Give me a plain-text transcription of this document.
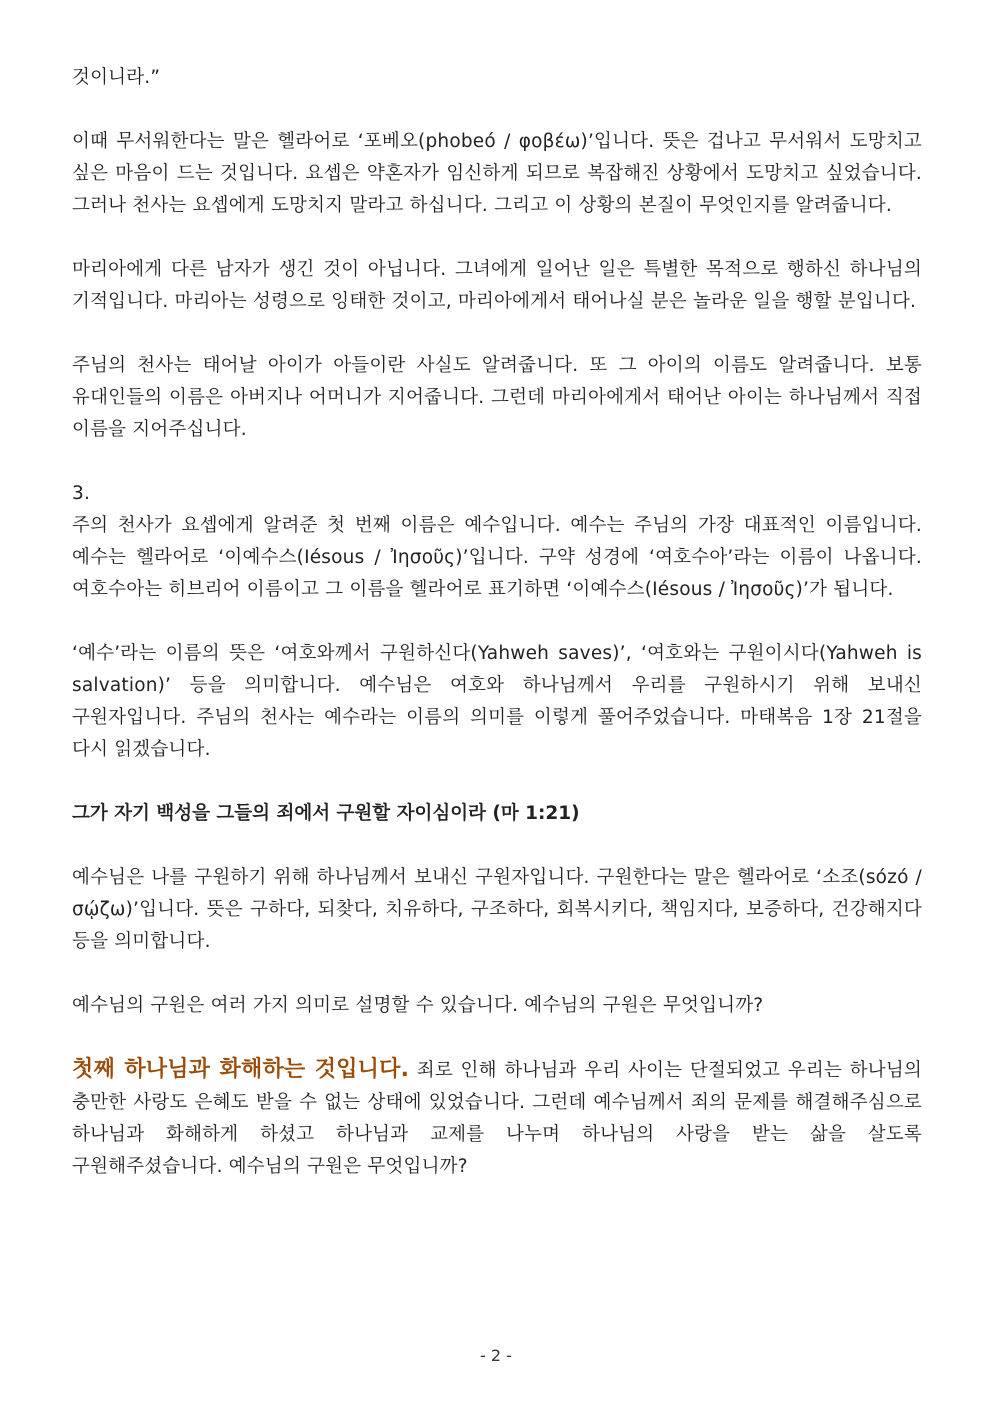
것이니라.”

이때 무서워한다는 말은 헬라어로 ‘포베오(phobeó / φοβέω)’입니다. 뜻은 겁나고 무서워서 도망치고 싶은 마음이 드는 것입니다. 요셉은 약혼자가 임신하게 되므로 복잡해진 상황에서 도망치고 싶었습니다. 그러나 천사는 요셉에게 도망치지 말라고 하십니다. 그리고 이 상황의 본질이 무엇인지를 알려줍니다.

마리아에게 다른 남자가 생긴 것이 아닙니다. 그녀에게 일어난 일은 특별한 목적으로 행하신 하나님의 기적입니다. 마리아는 성령으로 잉태한 것이고, 마리아에게서 태어나실 분은 놀라운 일을 행할 분입니다.

주님의 천사는 태어날 아이가 아들이란 사실도 알려줍니다. 또 그 아이의 이름도 알려줍니다. 보통 유대인들의 이름은 아버지나 어머니가 지어줍니다. 그런데 마리아에게서 태어난 아이는 하나님께서 직접 이름을 지어주십니다.

3.

주의 천사가 요셉에게 알려준 첫 번째 이름은 예수입니다. 예수는 주님의 가장 대표적인 이름입니다. 예수는 헬라어로 ‘이예수스(Iésous / Ἰησοῦς)’입니다. 구약 성경에 ‘여호수아’라는 이름이 나옵니다. 여호수아는 히브리어 이름이고 그 이름을 헬라어로 표기하면 ‘이예수스(Iésous / Ἰησοῦς)’가 됩니다.

‘예수’라는 이름의 뜻은 ‘여호와께서 구원하신다(Yahweh saves)’, ‘여호와는 구원이시다(Yahweh is salvation)’ 등을 의미합니다. 예수님은 여호와 하나님께서 우리를 구원하시기 위해 보내신 구원자입니다. 주님의 천사는 예수라는 이름의 의미를 이렇게 풀어주었습니다. 마태복음 1장 21절을 다시 읽겠습니다.

그가 자기 백성을 그들의 죄에서 구원할 자이심이라 (마 1:21)

예수님은 나를 구원하기 위해 하나님께서 보내신 구원자입니다. 구원한다는 말은 헬라어로 ‘소조(sózó / σῴζω)’입니다. 뜻은 구하다, 되찾다, 치유하다, 구조하다, 회복시키다, 책임지다, 보증하다, 건강해지다 등을 의미합니다.

예수님의 구원은 여러 가지 의미로 설명할 수 있습니다. 예수님의 구원은 무엇입니까?

첫째 하나님과 화해하는 것입니다. 죄로 인해 하나님과 우리 사이는 단절되었고 우리는 하나님의 충만한 사랑도 은혜도 받을 수 없는 상태에 있었습니다. 그런데 예수님께서 죄의 문제를 해결해주심으로 하나님과 화해하게 하셨고 하나님과 교제를 나누며 하나님의 사랑을 받는 삶을 살도록 구원해주셨습니다. 예수님의 구원은 무엇입니까?

- 2 -
